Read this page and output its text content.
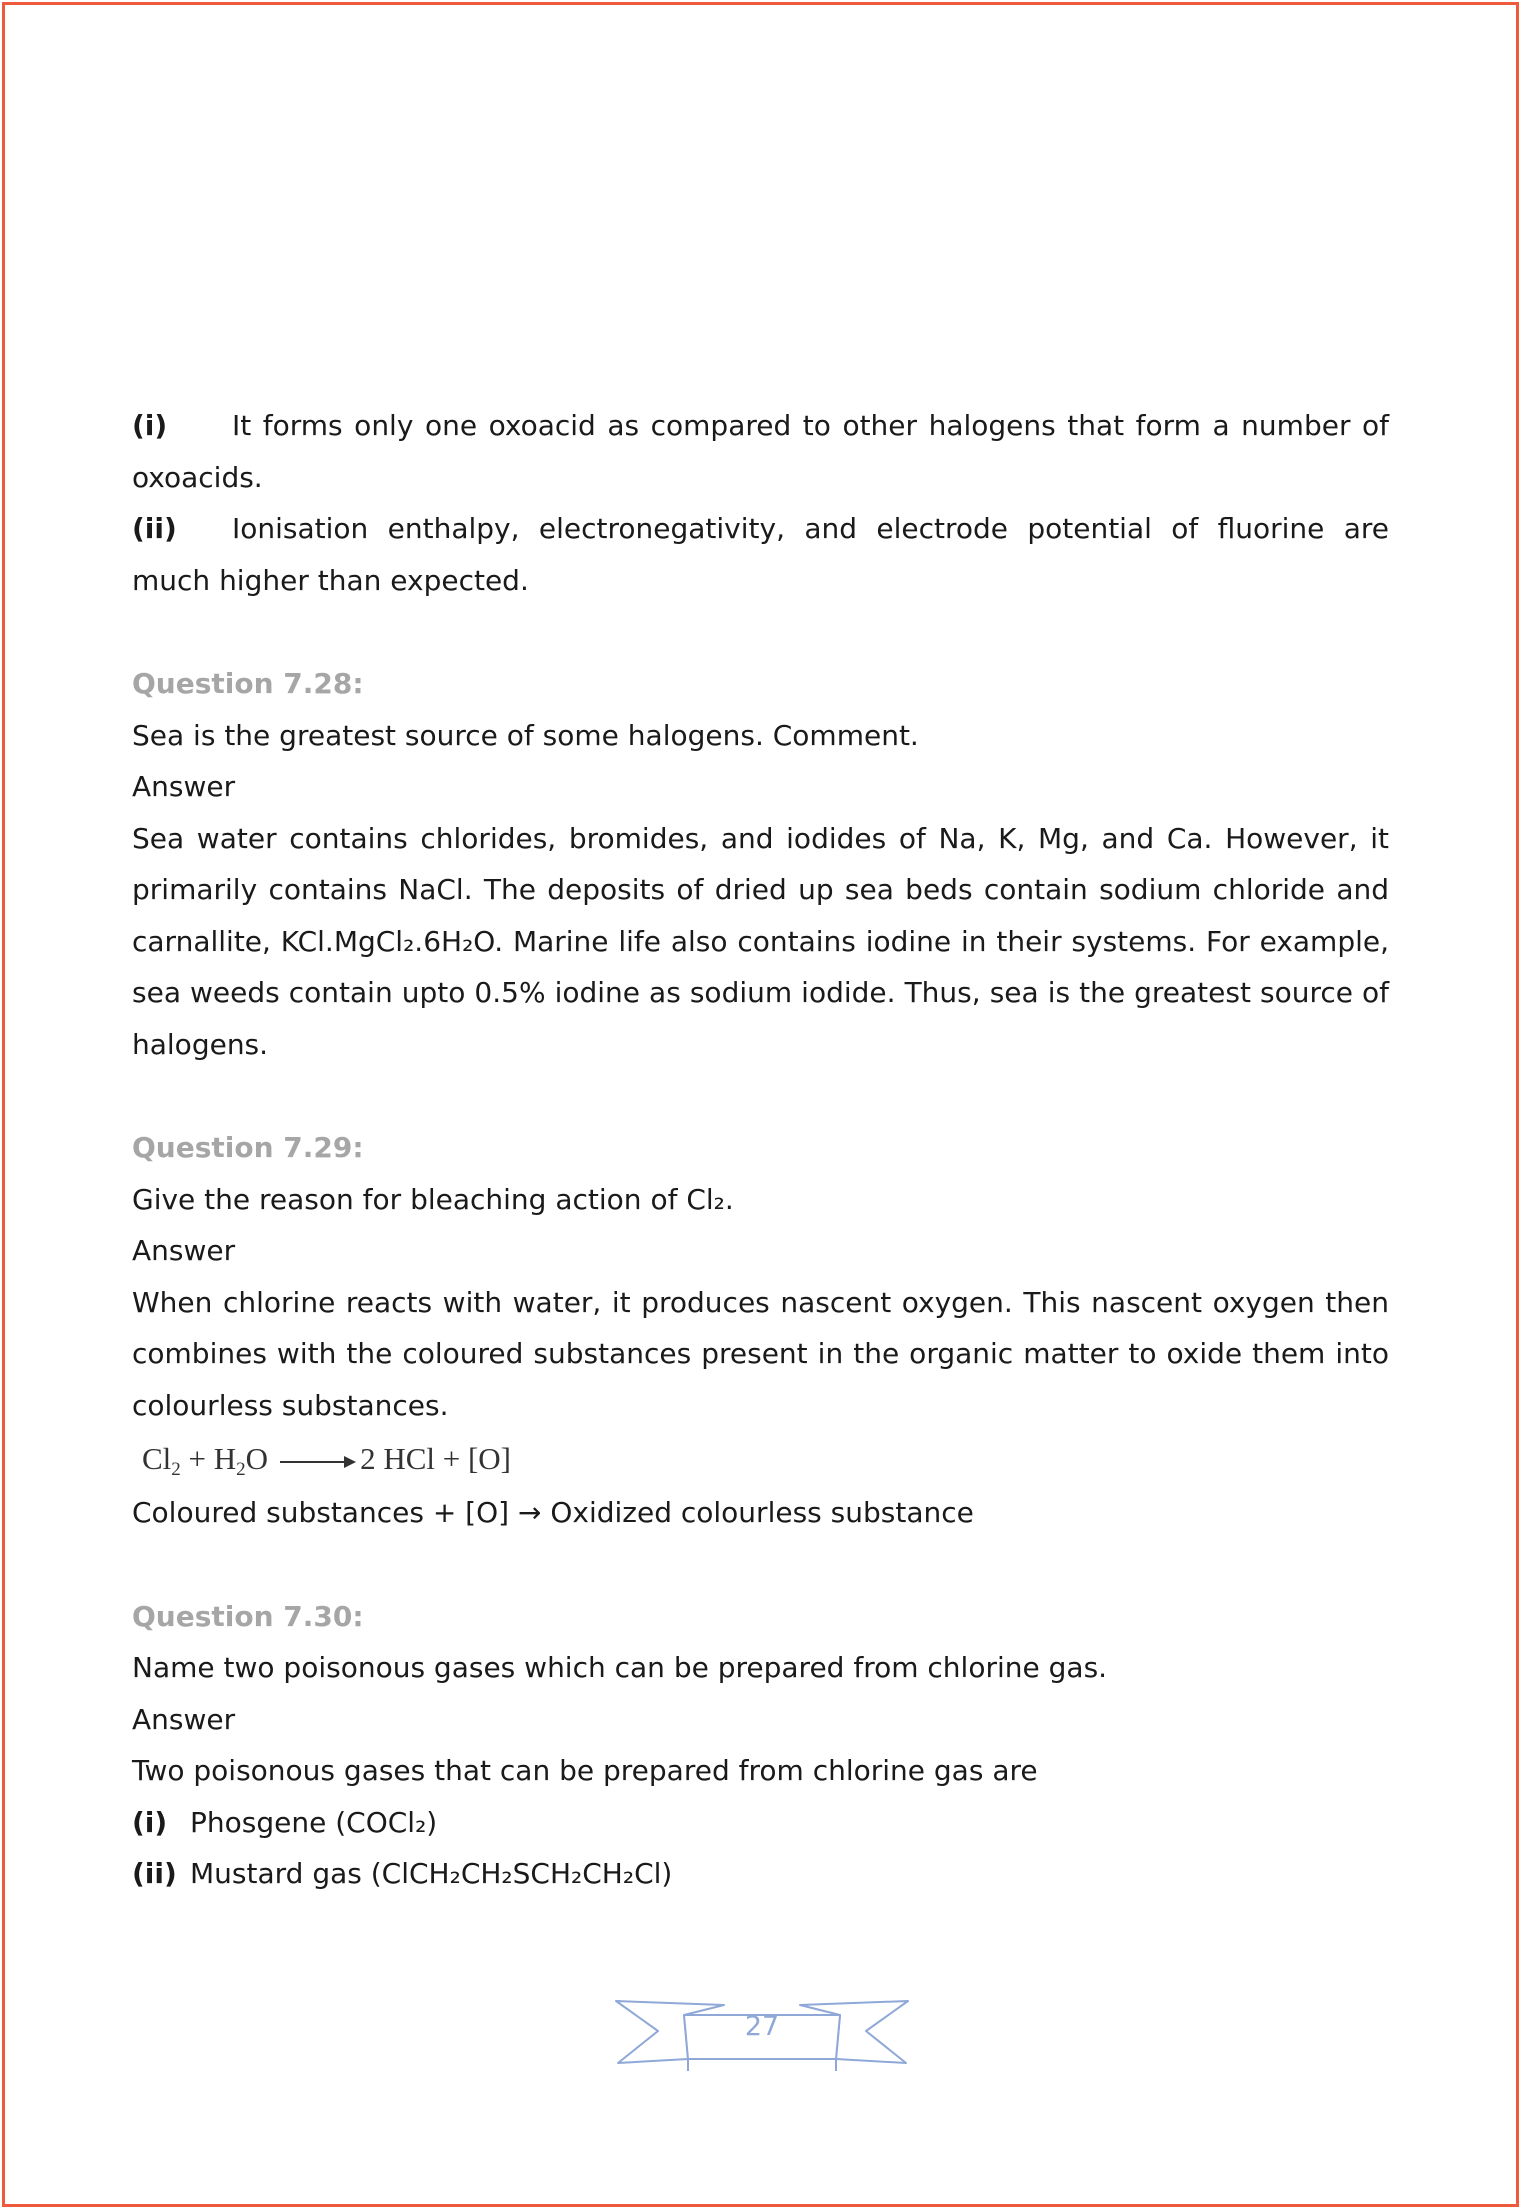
(i) It forms only one oxoacid as compared to other halogens that form a number of oxoacids.

(ii) Ionisation enthalpy, electronegativity, and electrode potential of fluorine are much higher than expected.

Question 7.28:

Sea is the greatest source of some halogens. Comment.

Answer

Sea water contains chlorides, bromides, and iodides of Na, K, Mg, and Ca. However, it primarily contains NaCl. The deposits of dried up sea beds contain sodium chloride and carnallite, KCl.MgCl₂.6H₂O. Marine life also contains iodine in their systems. For example, sea weeds contain upto 0.5% iodine as sodium iodide. Thus, sea is the greatest source of halogens.

Question 7.29:

Give the reason for bleaching action of Cl₂.

Answer

When chlorine reacts with water, it produces nascent oxygen. This nascent oxygen then combines with the coloured substances present in the organic matter to oxide them into colourless substances.

$Cl_2 + H_2O \to 2$ HCl + [O]

Coloured substances + [O] → Oxidized colourless substance

Question 7.30:

Name two poisonous gases which can be prepared from chlorine gas.

Answer

Two poisonous gases that can be prepared from chlorine gas are

(i) Phosgene (COCl₂)

(ii) Mustard gas (ClCH₂CH₂SCH₂CH₂Cl)

27
